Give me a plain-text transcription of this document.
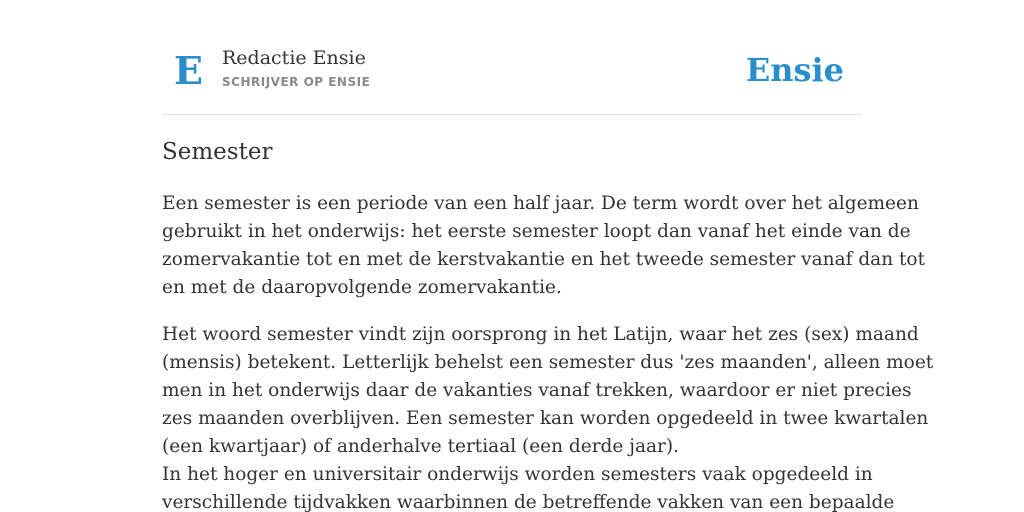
E Redactie Ensie
SCHRIJVER OP ENSIE	Ensie
Semester

Een semester is een periode van een half jaar. De term wordt over het algemeen

gebruikt in het onderwijs: het eerste semester loopt dan vanaf het einde van de

zomervakantie tot en met de kerstvakantie en het tweede semester vanaf dan tot

en met de daaropvolgende zomervakantie.

Het woord semester vindt zijn oorsprong in het Latijn, waar het zes (sex) maand

(mensis) betekent. Letterlijk behelst een semester dus 'zes maanden', alleen moet

men in het onderwijs daar de vakanties vanaf trekken, waardoor er niet precies

zes maanden overblijven. Een semester kan worden opgedeeld in twee kwartalen

(een kwartjaar) of anderhalve tertiaal (een derde jaar).

In het hoger en universitair onderwijs worden semesters vaak opgedeeld in

verschillende tijdvakken waarbinnen de betreffende vakken van een bepaalde
